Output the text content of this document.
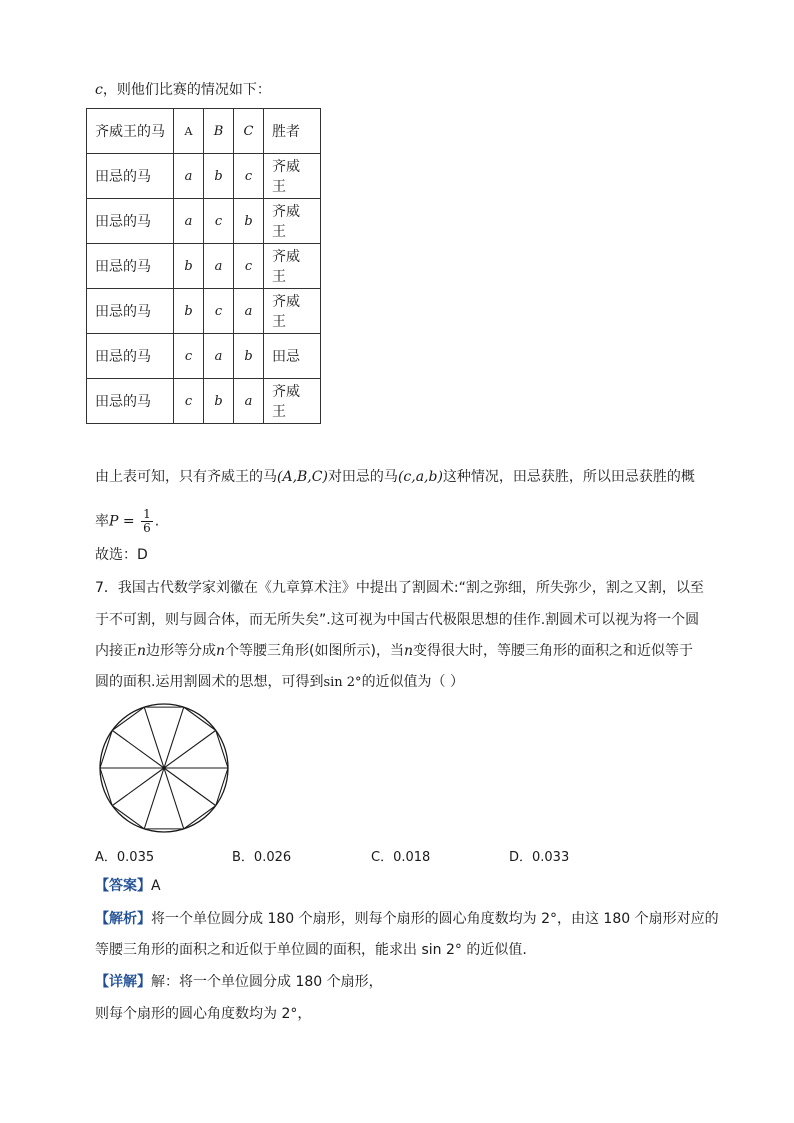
c，则他们比赛的情况如下：
齐威王的马	A	B	C	胜者
田忌的马	a	b	c	齐威王
田忌的马	a	c	b	齐威王
田忌的马	b	a	c	齐威王
田忌的马	b	c	a	齐威王
田忌的马	c	a	b	田忌
田忌的马	c	b	a	齐威王
由上表可知，只有齐威王的马(A,B,C)对田忌的马(c,a,b)这种情况，田忌获胜，所以田忌获胜的概
率$P = \frac{1}{6}$ .
故选：D
7．我国古代数学家刘徽在《九章算术注》中提出了割圆术:“割之弥细，所失弥少，割之又割，以至
于不可割，则与圆合体，而无所失矣”.这可视为中国古代极限思想的佳作.割圆术可以视为将一个圆
内接正n边形等分成n个等腰三角形(如图所示)，当n变得很大时，等腰三角形的面积之和近似等于
圆的面积.运用割圆术的思想，可得到sin 2°的近似值为（ ）
A．0.035	B．0.026	C．0.018	D．0.033
【答案】A
【解析】将一个单位圆分成 180 个扇形，则每个扇形的圆心角度数均为 2°，由这 180 个扇形对应的
等腰三角形的面积之和近似于单位圆的面积，能求出 sin 2° 的近似值.
【详解】解：将一个单位圆分成 180 个扇形，
则每个扇形的圆心角度数均为 2°，
